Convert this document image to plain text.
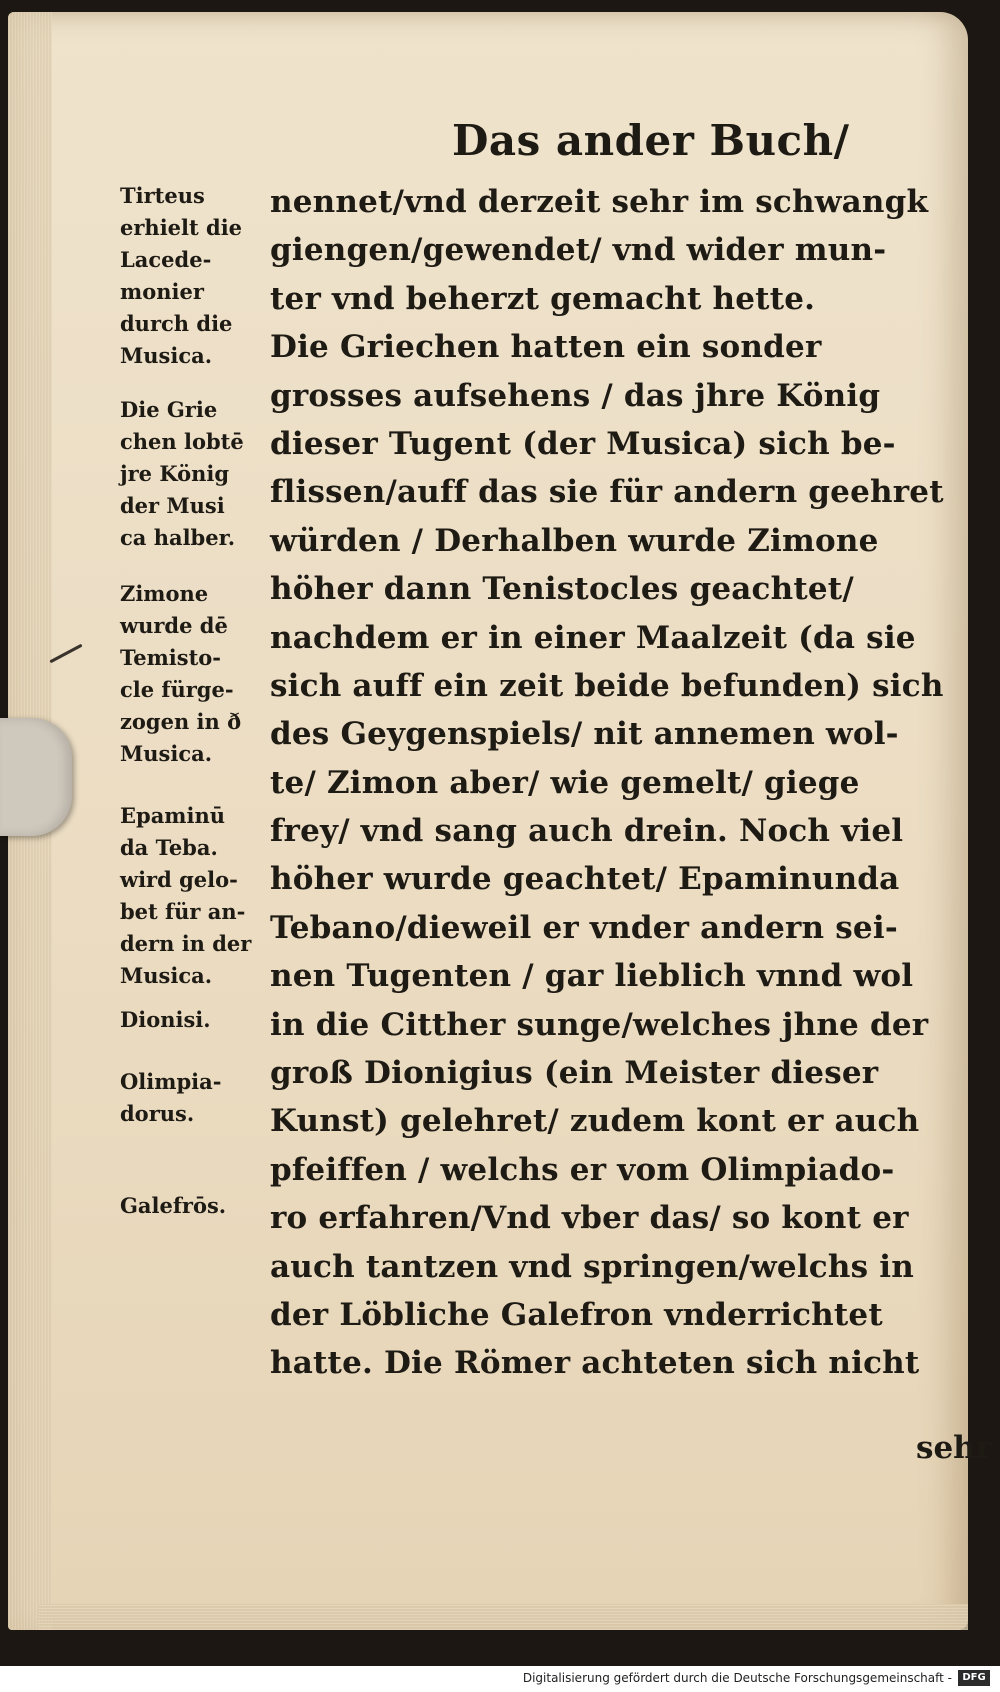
Das ander Buch/
nennet/vnd derzeit sehr im schwangk
giengen/gewendet/ vnd wider mun-
ter vnd beherzt gemacht hette.
Die Griechen hatten ein sonder
grosses aufsehens / das jhre König
dieser Tugent (der Musica) sich be-
flissen/auff das sie für andern geehret
würden / Derhalben wurde Zimone
höher dann Tenistocles geachtet/
nachdem er in einer Maalzeit (da sie
sich auff ein zeit beide befunden) sich
des Geygenspiels/ nit annemen wol-
te/ Zimon aber/ wie gemelt/ giege
frey/ vnd sang auch drein. Noch viel
höher wurde geachtet/ Epaminunda
Tebano/dieweil er vnder andern sei-
nen Tugenten / gar lieblich vnnd wol
in die Citther sunge/welches jhne der
groß Dionigius (ein Meister dieser
Kunst) gelehret/ zudem kont er auch
pfeiffen / welchs er vom Olimpiado-
ro erfahren/Vnd vber das/ so kont er
auch tantzen vnd springen/welchs in
der Löbliche Galefron vnderrichtet
hatte. Die Römer achteten sich nicht
sehr
Tirteus
erhielt die
Lacede-
monier
durch die
Musica.
Die Grie
chen lobtē
jre König
der Musi
ca halber.
Zimone
wurde dē
Temisto-
cle fürge-
zogen in ð
Musica.
Epaminū
da Teba.
wird gelo-
bet für an-
dern in der
Musica.
Dionisi.
Olimpia-
dorus.
Galefrōs.
Digitalisierung gefördert durch die Deutsche Forschungsgemeinschaft -	DFG
